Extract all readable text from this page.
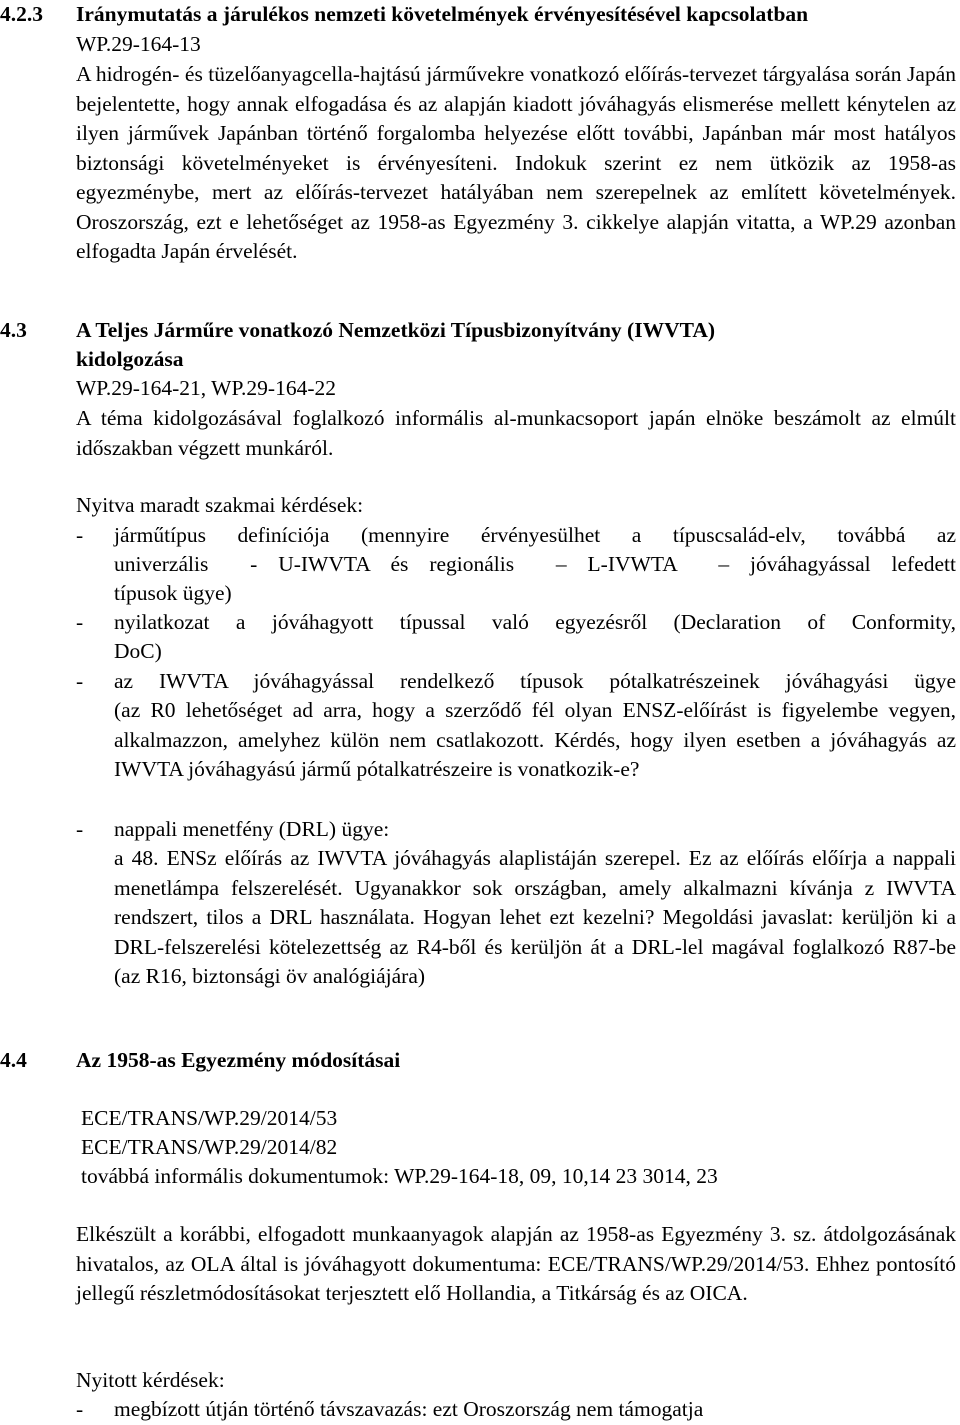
4.2.3 Iránymutatás a járulékos nemzeti követelmények érvényesítésével kapcsolatban
WP.29-164-13
A hidrogén- és tüzelőanyagcella-hajtású járművekre vonatkozó előírás-tervezet tárgyalása során Japán bejelentette, hogy annak elfogadása és az alapján kiadott jóváhagyás elismerése mellett kénytelen az ilyen járművek Japánban történő forgalomba helyezése előtt további, Japánban már most hatályos biztonsági követelményeket is érvényesíteni. Indokuk szerint ez nem ütközik az 1958-as egyezménybe, mert az előírás-tervezet hatályában nem szerepelnek az említett követelmények. Oroszország, ezt e lehetőséget az 1958-as Egyezmény 3. cikkelye alapján vitatta, a WP.29 azonban elfogadta Japán érvelését.
4.3 A Teljes Járműre vonatkozó Nemzetközi Típusbizonyítvány (IWVTA)
kidolgozása
WP.29-164-21, WP.29-164-22
A téma kidolgozásával foglalkozó informális al-munkacsoport japán elnöke beszámolt az elmúlt időszakban végzett munkáról.
Nyitva maradt szakmai kérdések:
- járműtípus definíciója (mennyire érvényesülhet a típuscsalád-elv, továbbá az
univerzális  - U-IWVTA és regionális  – L-IVWTA  – jóváhagyással lefedett
típusok ügye)
- nyilatkozat a jóváhagyott típussal való egyezésről (Declaration of Conformity,
DoC)
- az IWVTA jóváhagyással rendelkező típusok pótalkatrészeinek jóváhagyási ügye
(az R0 lehetőséget ad arra, hogy a szerződő fél olyan ENSZ-előírást is figyelembe vegyen, alkalmazzon, amelyhez külön nem csatlakozott. Kérdés, hogy ilyen esetben a jóváhagyás az IWVTA jóváhagyású jármű pótalkatrészeire is vonatkozik-e?
- nappali menetfény (DRL) ügye:
a 48. ENSz előírás az IWVTA jóváhagyás alaplistáján szerepel. Ez az előírás előírja a nappali menetlámpa felszerelését. Ugyanakkor sok országban, amely alkalmazni kívánja z IWVTA rendszert, tilos a DRL használata. Hogyan lehet ezt kezelni? Megoldási javaslat: kerüljön ki a DRL-felszerelési kötelezettség az R4-ből és kerüljön át a DRL-lel magával foglalkozó R87-be (az R16, biztonsági öv analógiájára)
4.4 Az 1958-as Egyezmény módosításai
ECE/TRANS/WP.29/2014/53
ECE/TRANS/WP.29/2014/82
továbbá informális dokumentumok: WP.29-164-18, 09, 10,14 23 3014, 23
Elkészült a korábbi, elfogadott munkaanyagok alapján az 1958-as Egyezmény 3. sz. átdolgozásának hivatalos, az OLA által is jóváhagyott dokumentuma: ECE/TRANS/WP.29/2014/53. Ehhez pontosító jellegű részletmódosításokat terjesztett elő Hollandia, a Titkárság és az OICA.
Nyitott kérdések:
- megbízott útján történő távszavazás: ezt Oroszország nem támogatja
